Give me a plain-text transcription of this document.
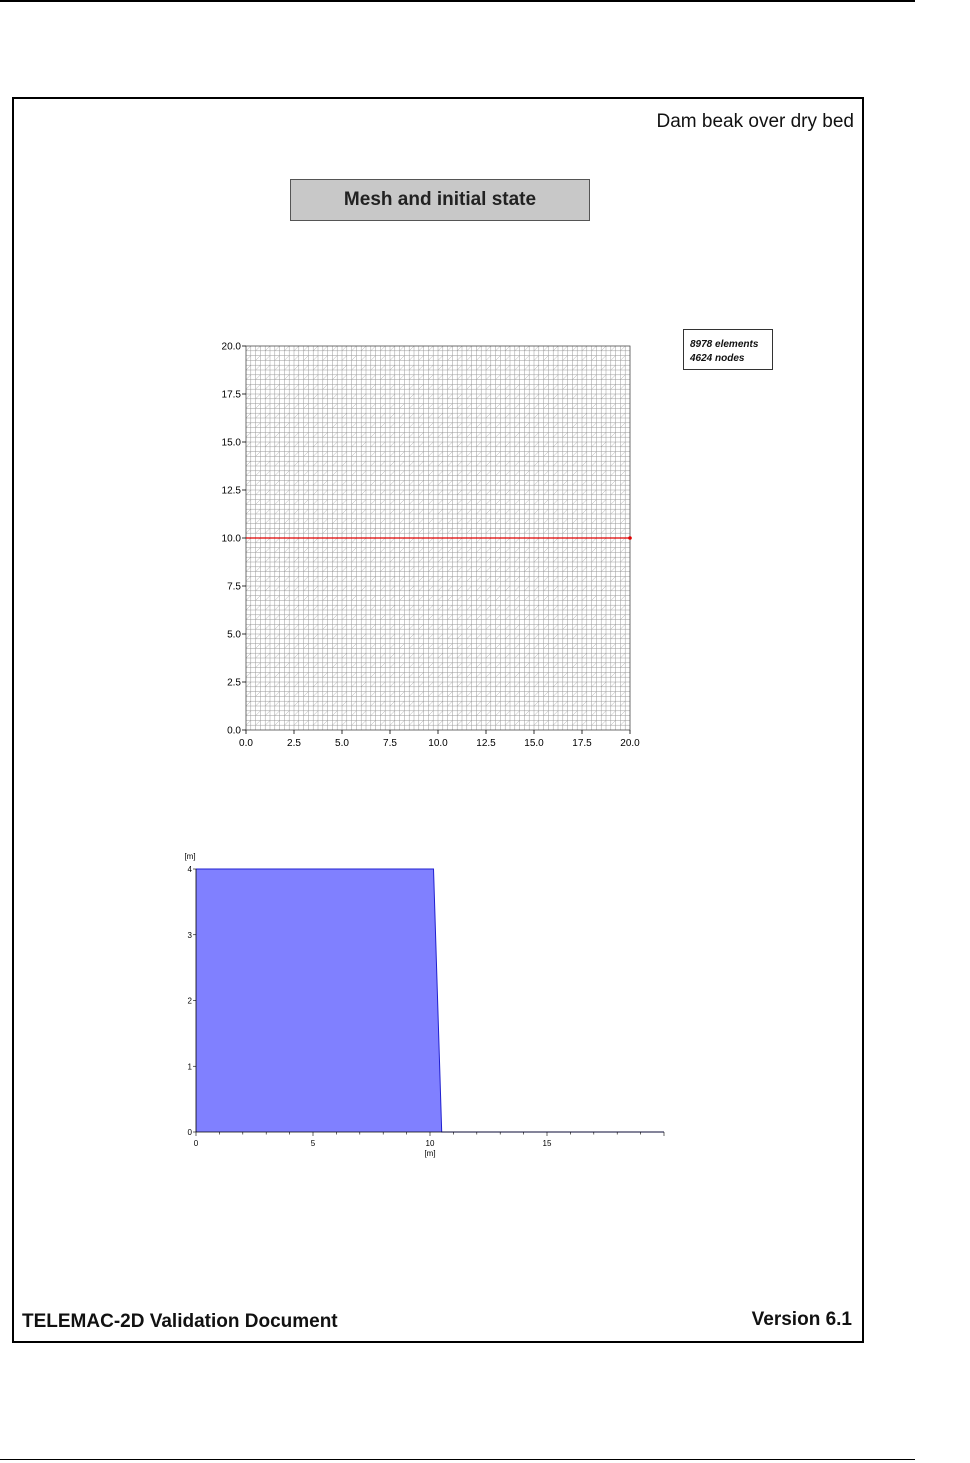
Dam beak over dry bed
Mesh and initial state
8978 elements
4624 nodes
TELEMAC-2D Validation Document	Version 6.1
0.0	2.5	5.0	7.5	10.0	12.5	15.0	17.5	20.0
0.0
2.5
5.0
7.5
10.0
12.5
15.0
17.5
20.0
0	5	10	15
0
1
2
3
4
[m]
[m]
